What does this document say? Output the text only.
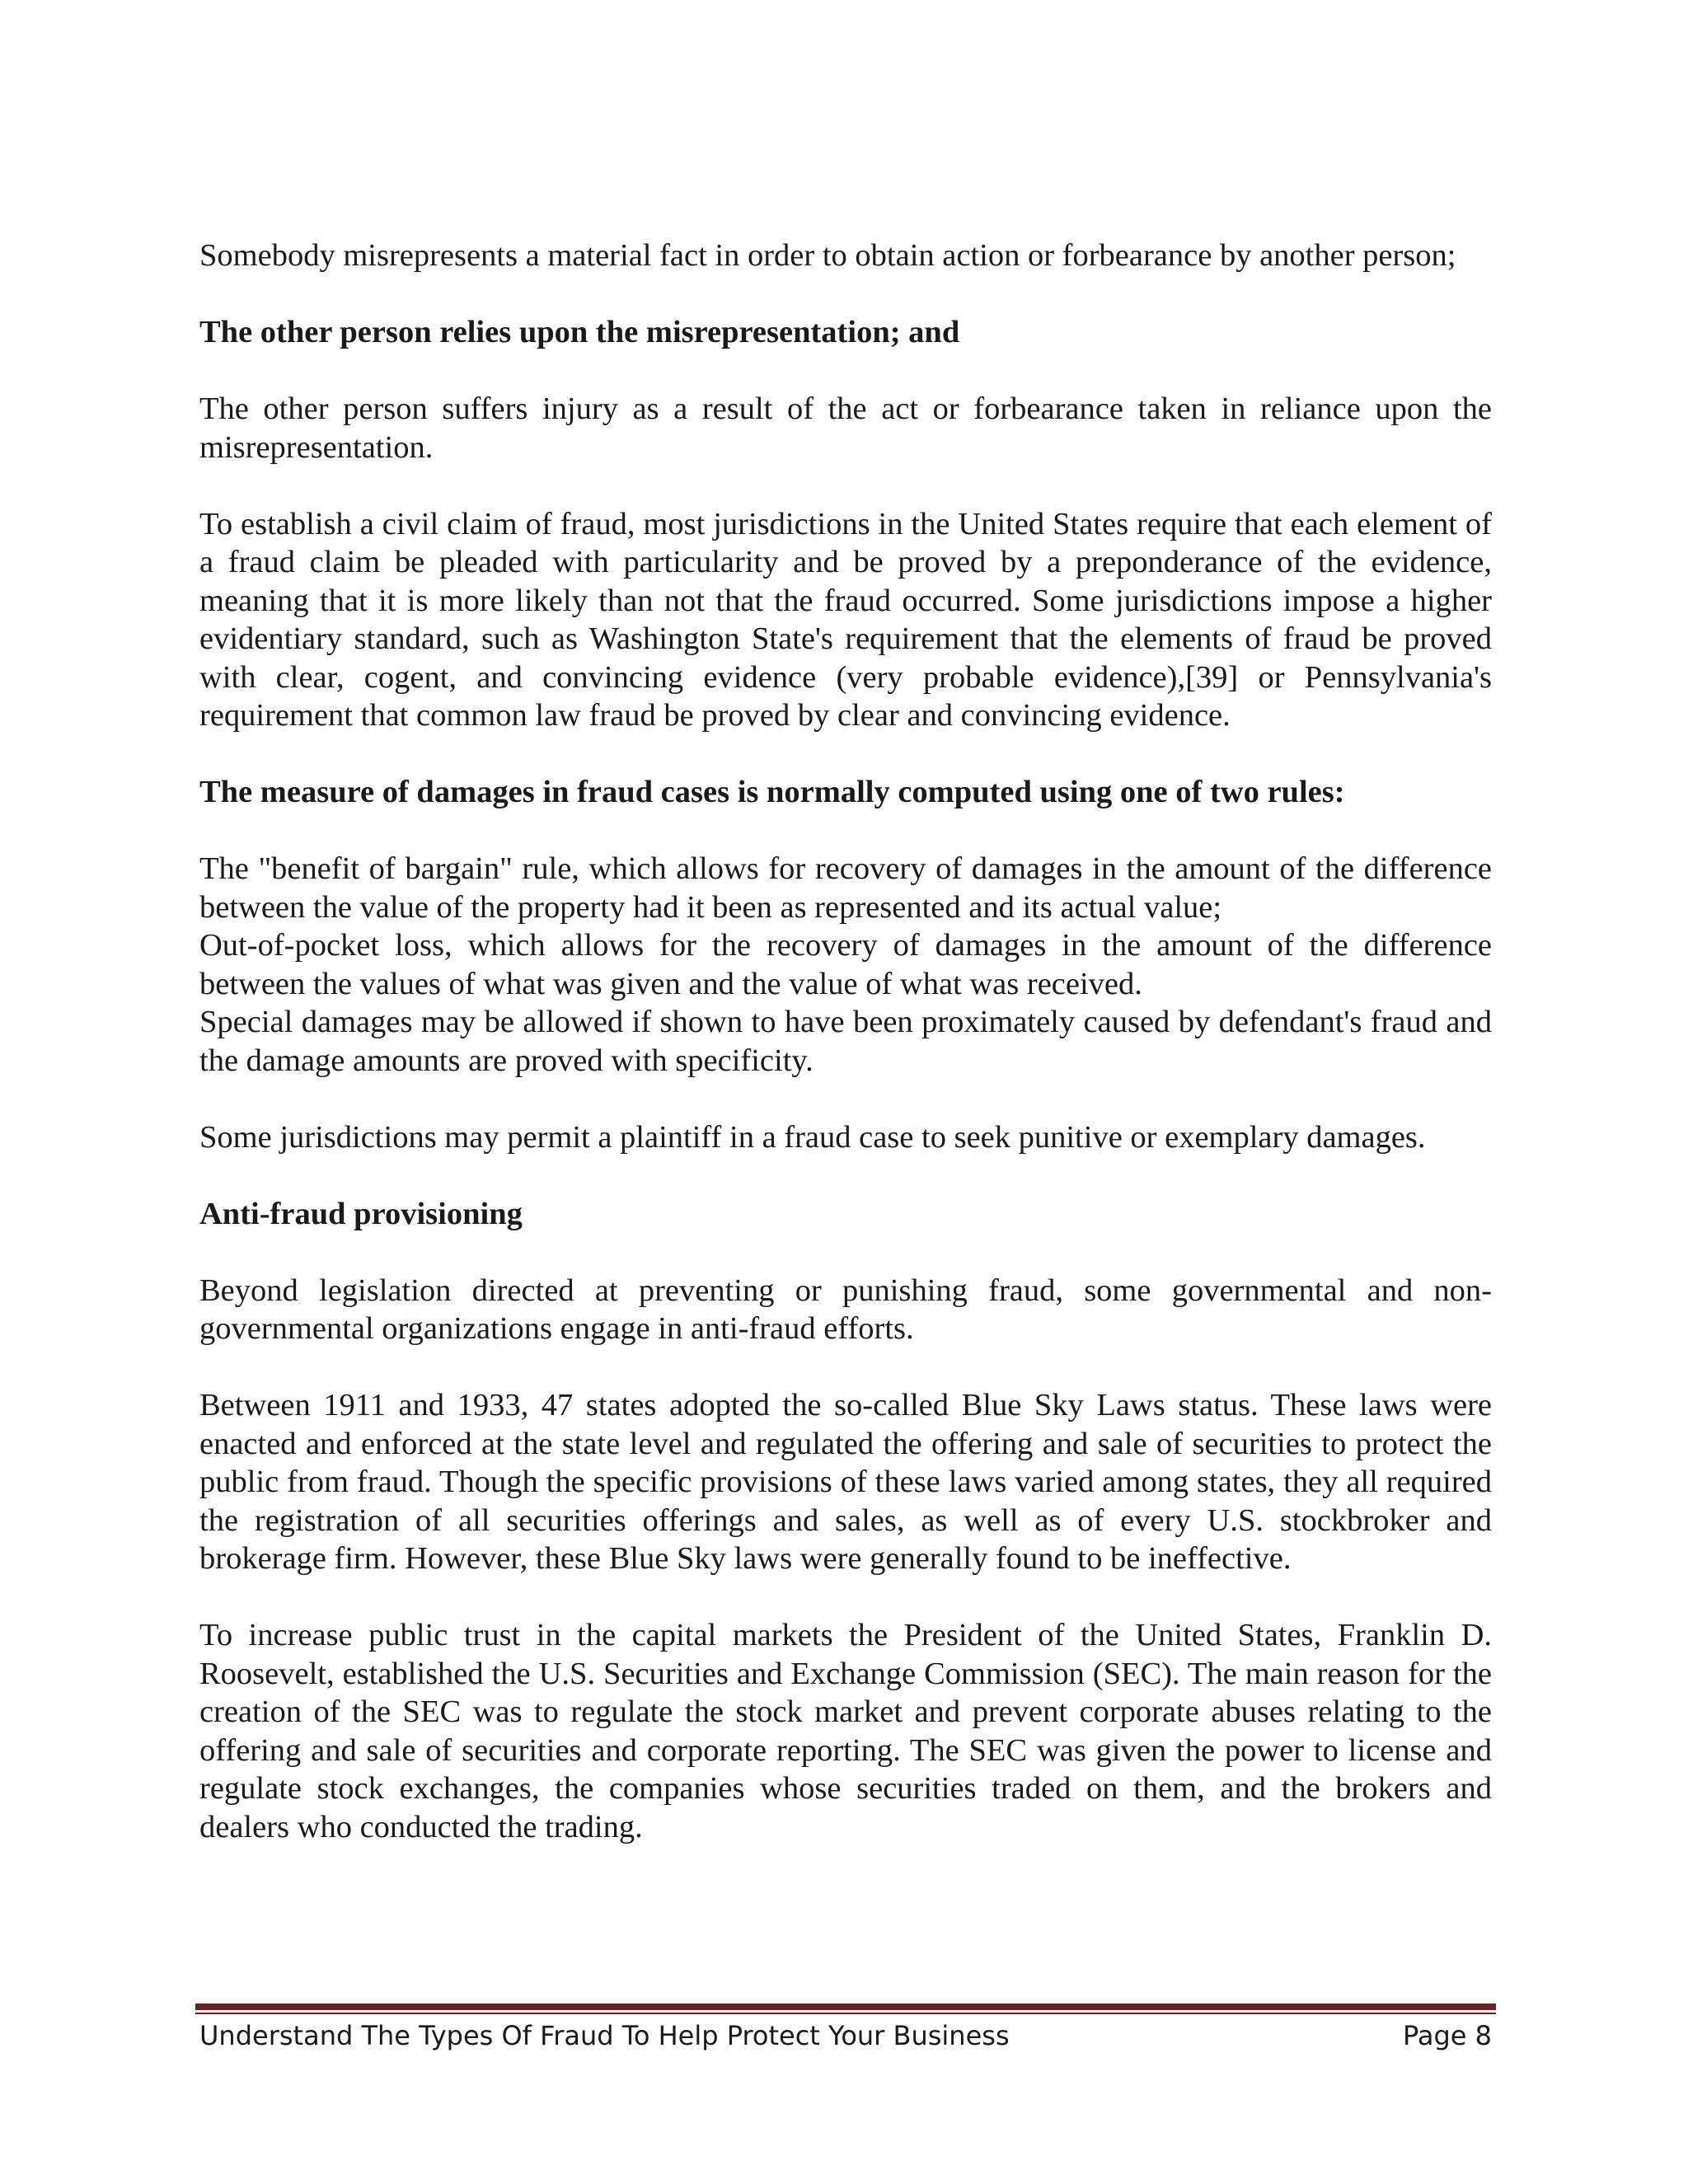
Somebody misrepresents a material fact in order to obtain action or forbearance by another person;

The other person relies upon the misrepresentation; and

The other person suffers injury as a result of the act or forbearance taken in reliance upon the misrepresentation.

To establish a civil claim of fraud, most jurisdictions in the United States require that each element of a fraud claim be pleaded with particularity and be proved by a preponderance of the evidence, meaning that it is more likely than not that the fraud occurred. Some jurisdictions impose a higher evidentiary standard, such as Washington State's requirement that the elements of fraud be proved with clear, cogent, and convincing evidence (very probable evidence),[39] or Pennsylvania's requirement that common law fraud be proved by clear and convincing evidence.

The measure of damages in fraud cases is normally computed using one of two rules:

The "benefit of bargain" rule, which allows for recovery of damages in the amount of the difference between the value of the property had it been as represented and its actual value;

Out-of-pocket loss, which allows for the recovery of damages in the amount of the difference between the values of what was given and the value of what was received.

Special damages may be allowed if shown to have been proximately caused by defendant's fraud and the damage amounts are proved with specificity.

Some jurisdictions may permit a plaintiff in a fraud case to seek punitive or exemplary damages.

Anti-fraud provisioning

Beyond legislation directed at preventing or punishing fraud, some governmental and non-governmental organizations engage in anti-fraud efforts.

Between 1911 and 1933, 47 states adopted the so-called Blue Sky Laws status. These laws were enacted and enforced at the state level and regulated the offering and sale of securities to protect the public from fraud. Though the specific provisions of these laws varied among states, they all required the registration of all securities offerings and sales, as well as of every U.S. stockbroker and brokerage firm. However, these Blue Sky laws were generally found to be ineffective.

To increase public trust in the capital markets the President of the United States, Franklin D. Roosevelt, established the U.S. Securities and Exchange Commission (SEC). The main reason for the creation of the SEC was to regulate the stock market and prevent corporate abuses relating to the offering and sale of securities and corporate reporting. The SEC was given the power to license and regulate stock exchanges, the companies whose securities traded on them, and the brokers and dealers who conducted the trading.

Understand The Types Of Fraud To Help Protect Your Business	Page 8
